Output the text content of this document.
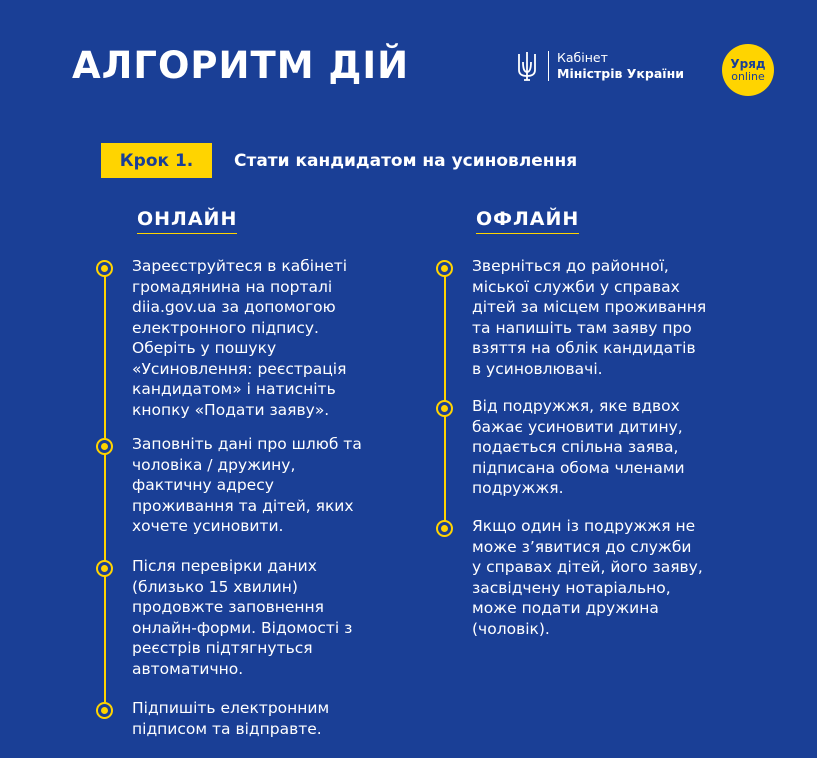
АЛГОРИТМ ДІЙ	Кабінет
Міністрів України
Уряд
online
Крок 1.	Стати кандидатом на усиновлення
ОНЛАЙН	ОФЛАЙН
Зареєструйтеся в кабінеті
громадянина на порталі
diia.gov.ua за допомогою
електронного підпису.
Оберіть у пошуку
«Усиновлення: реєстрація
кандидатом» і натисніть
кнопку «Подати заяву».
Заповніть дані про шлюб та
чоловіка / дружину,
фактичну адресу
проживання та дітей, яких
хочете усиновити.
Після перевірки даних
(близько 15 хвилин)
продовжте заповнення
онлайн-форми. Відомості з
реєстрів підтягнуться
автоматично.
Підпишіть електронним
підписом та відправте.
Зверніться до районної,
міської служби у справах
дітей за місцем проживання
та напишіть там заяву про
взяття на облік кандидатів
в усиновлювачі.
Від подружжя, яке вдвох
бажає усиновити дитину,
подається спільна заява,
підписана обома членами
подружжя.
Якщо один із подружжя не
може з’явитися до служби
у справах дітей, його заяву,
засвідчену нотаріально,
може подати дружина
(чоловік).
